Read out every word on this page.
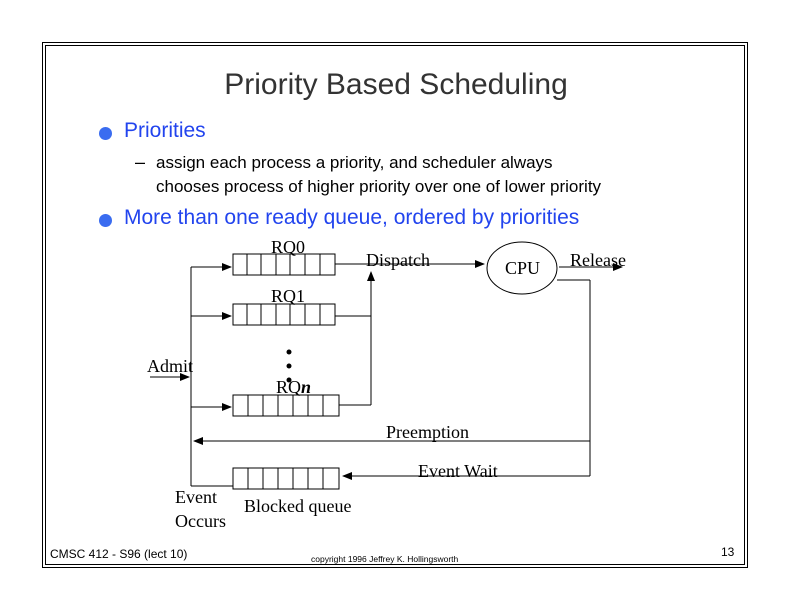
Priority Based Scheduling
Priorities
– assign each process a priority, and scheduler always
chooses process of higher priority over one of lower priority
More than one ready queue, ordered by priorities
RQ0
RQ1
RQn
Admit
Dispatch	CPU Release
Preemption
Event Wait
Blocked queue
Event
Occurs
CMSC 412 - S96 (lect 10)	copyright 1996 Jeffrey K. Hollingsworth	13
